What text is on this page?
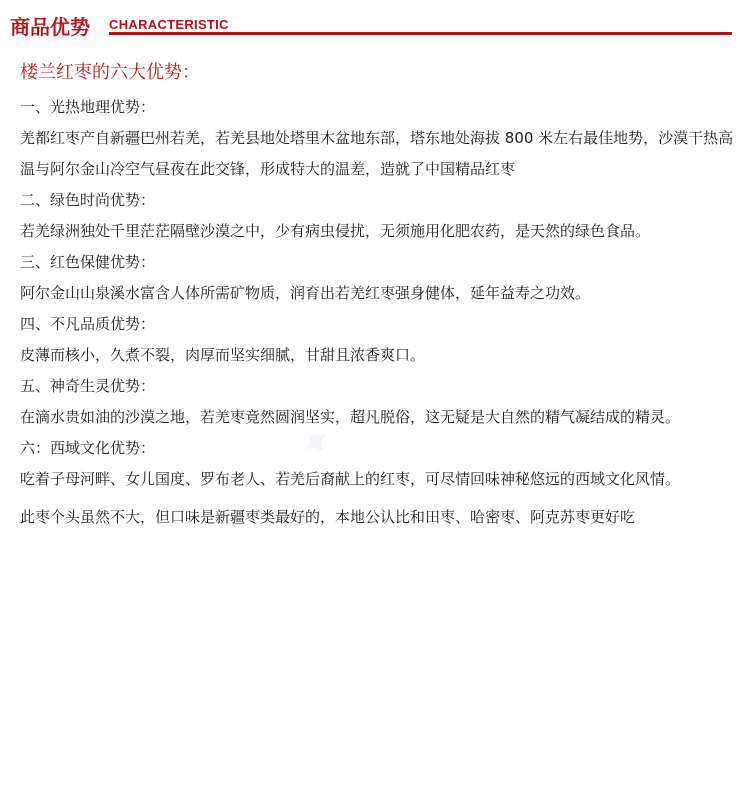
商品优势 CHARACTERISTIC
楼兰红枣的六大优势：
一、光热地理优势：

羌都红枣产自新疆巴州若羌，若羌县地处塔里木盆地东部，塔东地处海拔 800 米左右最佳地势，沙漠干热高温与阿尔金山冷空气昼夜在此交锋，形成特大的温差，造就了中国精品红枣

二、绿色时尚优势：

若羌绿洲独处千里茫茫隔壁沙漠之中，少有病虫侵扰，无须施用化肥农药，是天然的绿色食品。

三、红色保健优势：

阿尔金山山泉溪水富含人体所需矿物质，润育出若羌红枣强身健体，延年益寿之功效。

四、不凡品质优势：

皮薄而核小，久煮不裂，肉厚而坚实细腻，甘甜且浓香爽口。

五、神奇生灵优势：

在滴水贵如油的沙漠之地，若羌枣竟然圆润坚实，超凡脱俗，这无疑是大自然的精气凝结成的精灵。

六：西域文化优势：

吃着子母河畔、女儿国度、罗布老人、若羌后裔献上的红枣，可尽情回味神秘悠远的西域文化风情。

此枣个头虽然不大，但口味是新疆枣类最好的，本地公认比和田枣、哈密枣、阿克苏枣更好吃
✦
